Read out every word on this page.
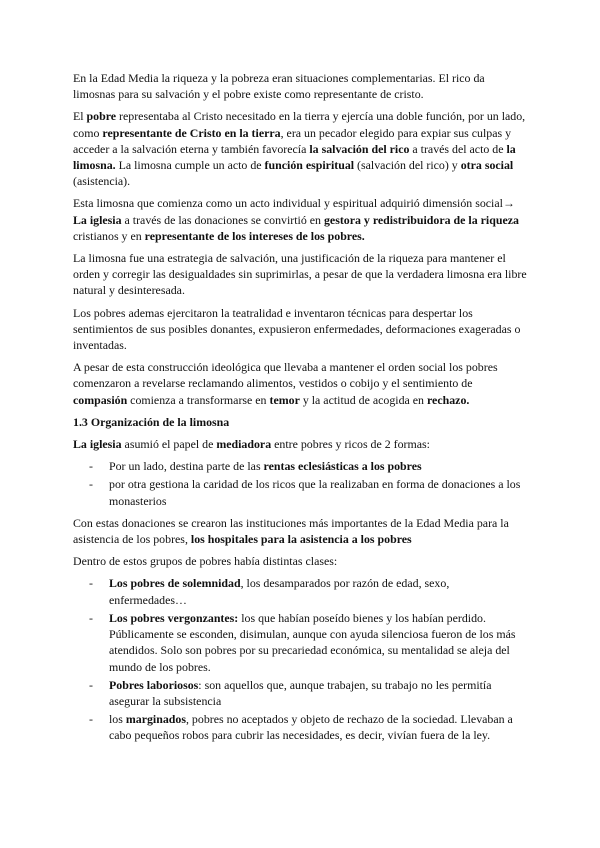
En la Edad Media la riqueza y la pobreza eran situaciones complementarias. El rico da limosnas para su salvación y el pobre existe como representante de cristo.

El pobre representaba al Cristo necesitado en la tierra y ejercía una doble función, por un lado, como representante de Cristo en la tierra, era un pecador elegido para expiar sus culpas y acceder a la salvación eterna y también favorecía la salvación del rico a través del acto de la limosna. La limosna cumple un acto de función espiritual (salvación del rico) y otra social (asistencia).

Esta limosna que comienza como un acto individual y espiritual adquirió dimensión social→ La iglesia a través de las donaciones se convirtió en gestora y redistribuidora de la riqueza cristianos y en representante de los intereses de los pobres.

La limosna fue una estrategia de salvación, una justificación de la riqueza para mantener el orden y corregir las desigualdades sin suprimirlas, a pesar de que la verdadera limosna era libre natural y desinteresada.

Los pobres ademas ejercitaron la teatralidad e inventaron técnicas para despertar los sentimientos de sus posibles donantes, expusieron enfermedades, deformaciones exageradas o inventadas.

A pesar de esta construcción ideológica que llevaba a mantener el orden social los pobres comenzaron a revelarse reclamando alimentos, vestidos o cobijo y el sentimiento de compasión comienza a transformarse en temor y la actitud de acogida en rechazo.

1.3 Organización de la limosna

La iglesia asumió el papel de mediadora entre pobres y ricos de 2 formas:

- Por un lado, destina parte de las rentas eclesiásticas a los pobres
- por otra gestiona la caridad de los ricos que la realizaban en forma de donaciones a los monasterios

Con estas donaciones se crearon las instituciones más importantes de la Edad Media para la asistencia de los pobres, los hospitales para la asistencia a los pobres

Dentro de estos grupos de pobres había distintas clases:

- Los pobres de solemnidad, los desamparados por razón de edad, sexo, enfermedades…
- Los pobres vergonzantes: los que habían poseído bienes y los habían perdido. Públicamente se esconden, disimulan, aunque con ayuda silenciosa fueron de los más atendidos. Solo son pobres por su precariedad económica, su mentalidad se aleja del mundo de los pobres.
- Pobres laboriosos: son aquellos que, aunque trabajen, su trabajo no les permitía asegurar la subsistencia
- los marginados, pobres no aceptados y objeto de rechazo de la sociedad. Llevaban a cabo pequeños robos para cubrir las necesidades, es decir, vivían fuera de la ley.
